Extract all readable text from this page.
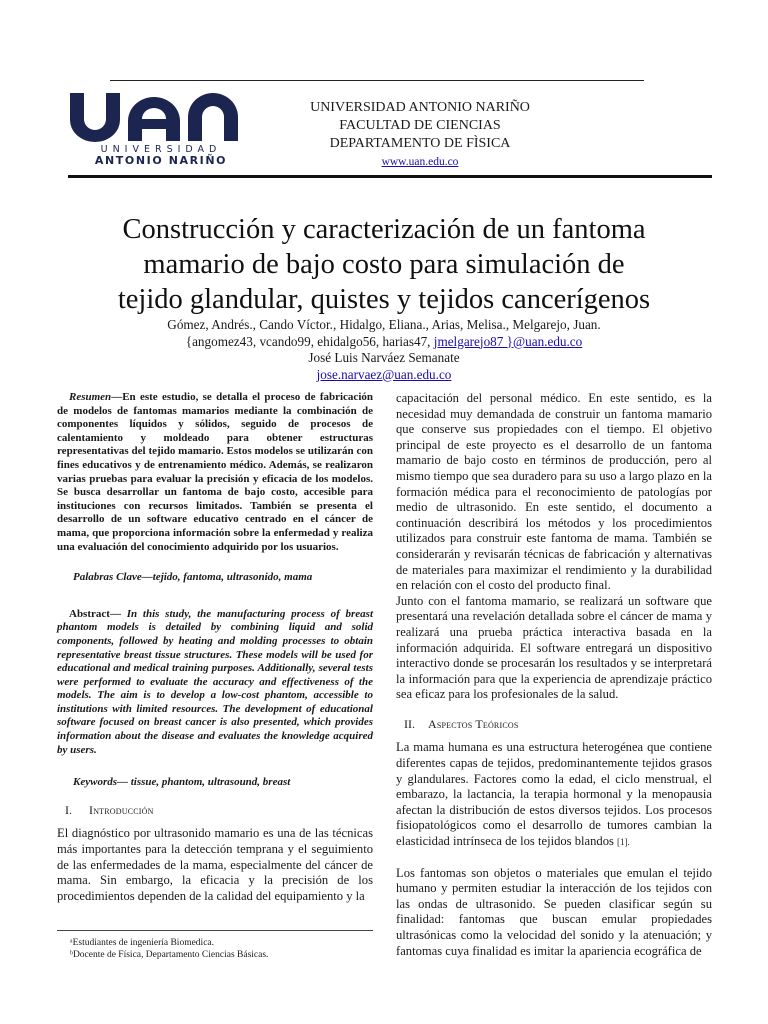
UNIVERSIDAD
ANTONIO NARIÑO
UNIVERSIDAD ANTONIO NARIÑO
FACULTAD DE CIENCIAS
DEPARTAMENTO DE FÌSICA
www.uan.edu.co
Construcción y caracterización de un fantoma
mamario de bajo costo para simulación de
tejido glandular, quistes y tejidos cancerígenos
Gómez, Andrés., Cando Víctor., Hidalgo, Eliana., Arias, Melisa., Melgarejo, Juan.
{angomez43, vcando99, ehidalgo56, harias47, jmelgarejo87 }@uan.edu.co
José Luis Narváez Semanate
jose.narvaez@uan.edu.co
Resumen—En este estudio, se detalla el proceso de fabricación de modelos de fantomas mamarios mediante la combinación de componentes líquidos y sólidos, seguido de procesos de calentamiento y moldeado para obtener estructuras representativas del tejido mamario. Estos modelos se utilizarán con fines educativos y de entrenamiento médico. Además, se realizaron varias pruebas para evaluar la precisión y eficacia de los modelos. Se busca desarrollar un fantoma de bajo costo, accesible para instituciones con recursos limitados. También se presenta el desarrollo de un software educativo centrado en el cáncer de mama, que proporciona información sobre la enfermedad y realiza una evaluación del conocimiento adquirido por los usuarios.
Palabras Clave—tejido, fantoma, ultrasonido, mama
Abstract— In this study, the manufacturing process of breast phantom models is detailed by combining liquid and solid components, followed by heating and molding processes to obtain representative breast tissue structures. These models will be used for educational and medical training purposes. Additionally, several tests were performed to evaluate the accuracy and effectiveness of the models. The aim is to develop a low-cost phantom, accessible to institutions with limited resources. The development of educational software focused on breast cancer is also presented, which provides information about the disease and evaluates the knowledge acquired by users.
Keywords— tissue, phantom, ultrasound, breast
I. Introducción

El diagnóstico por ultrasonido mamario es una de las técnicas más importantes para la detección temprana y el seguimiento de las enfermedades de la mama, especialmente del cáncer de mama. Sin embargo, la eficacia y la precisión de los procedimientos dependen de la calidad del equipamiento y la

capacitación del personal médico. En este sentido, es la necesidad muy demandada de construir un fantoma mamario que conserve sus propiedades con el tiempo. El objetivo principal de este proyecto es el desarrollo de un fantoma mamario de bajo costo en términos de producción, pero al mismo tiempo que sea duradero para su uso a largo plazo en la formación médica para el reconocimiento de patologías por medio de ultrasonido. En este sentido, el documento a continuación describirá los métodos y los procedimientos utilizados para construir este fantoma de mama. También se considerarán y revisarán técnicas de fabricación y alternativas de materiales para maximizar el rendimiento y la durabilidad en relación con el costo del producto final.

Junto con el fantoma mamario, se realizará un software que presentará una revelación detallada sobre el cáncer de mama y realizará una prueba práctica interactiva basada en la información adquirida. El software entregará un dispositivo interactivo donde se procesarán los resultados y se interpretará la información para que la experiencia de aprendizaje práctico sea eficaz para los profesionales de la salud.

II. Aspectos Teóricos

La mama humana es una estructura heterogénea que contiene diferentes capas de tejidos, predominantemente tejidos grasos y glandulares. Factores como la edad, el ciclo menstrual, el embarazo, la lactancia, la terapia hormonal y la menopausia afectan la distribución de estos diversos tejidos. Los procesos fisiopatológicos como el desarrollo de tumores cambian la elasticidad intrínseca de los tejidos blandos [1].

Los fantomas son objetos o materiales que emulan el tejido humano y permiten estudiar la interacción de los tejidos con las ondas de ultrasonido. Se pueden clasificar según su finalidad: fantomas que buscan emular propiedades ultrasónicas como la velocidad del sonido y la atenuación; y fantomas cuya finalidad es imitar la apariencia ecográfica de

ᵃEstudiantes de ingeniería Biomedica.
ᵇDocente de Física, Departamento Ciencias Básicas.
